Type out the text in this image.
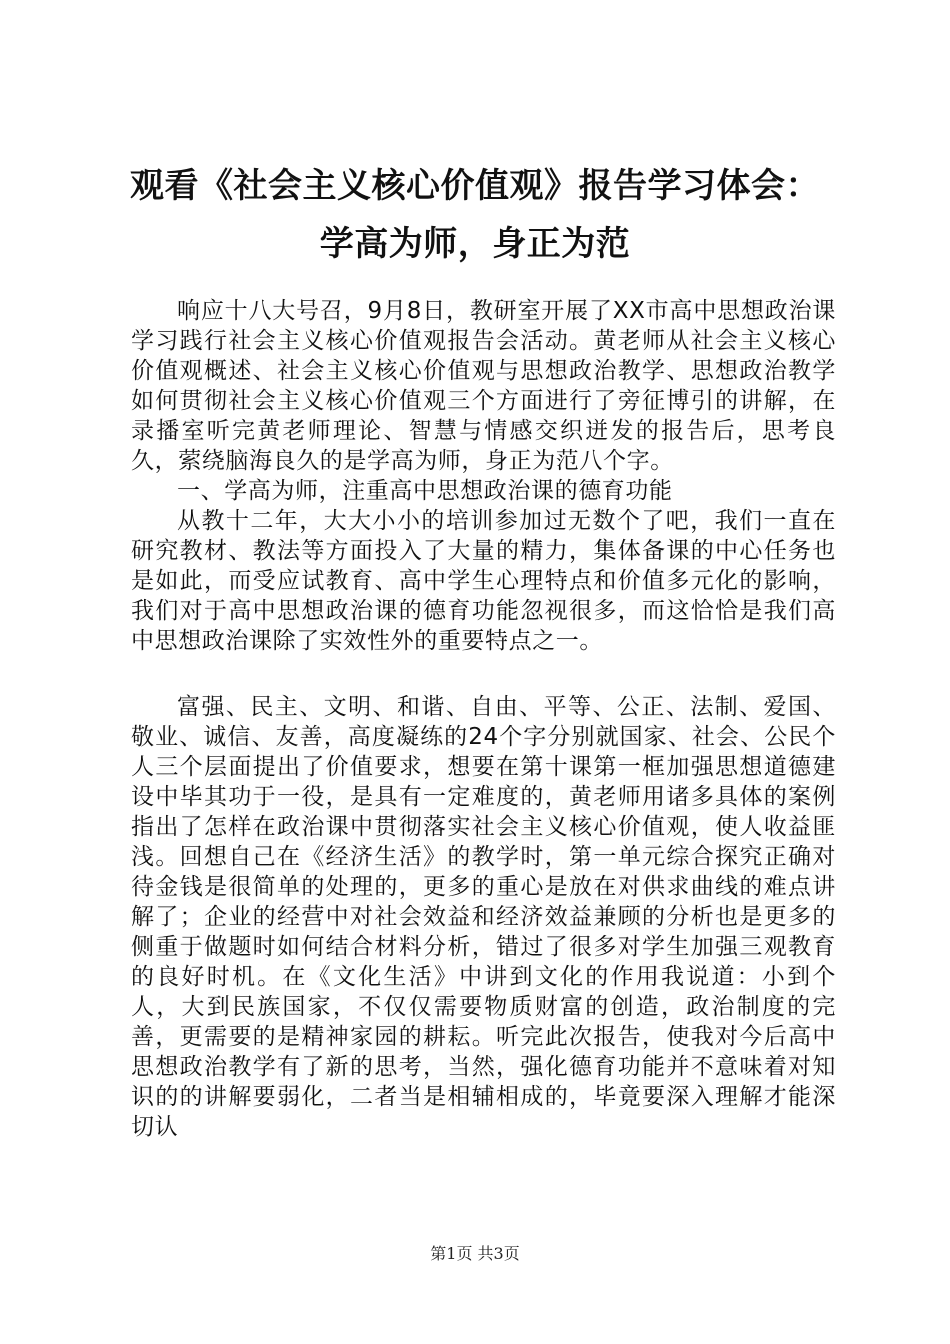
观看《社会主义核心价值观》报告学习体会：
学高为师，身正为范

响应十八大号召，9月8日，教研室开展了XX市高中思想政治课学习践行社会主义核心价值观报告会活动。黄老师从社会主义核心价值观概述、社会主义核心价值观与思想政治教学、思想政治教学如何贯彻社会主义核心价值观三个方面进行了旁征博引的讲解，在录播室听完黄老师理论、智慧与情感交织迸发的报告后，思考良久，萦绕脑海良久的是学高为师，身正为范八个字。

一、学高为师，注重高中思想政治课的德育功能

从教十二年，大大小小的培训参加过无数个了吧，我们一直在研究教材、教法等方面投入了大量的精力，集体备课的中心任务也是如此，而受应试教育、高中学生心理特点和价值多元化的影响，我们对于高中思想政治课的德育功能忽视很多，而这恰恰是我们高中思想政治课除了实效性外的重要特点之一。

富强、民主、文明、和谐、自由、平等、公正、法制、爱国、敬业、诚信、友善，高度凝练的24个字分别就国家、社会、公民个人三个层面提出了价值要求，想要在第十课第一框加强思想道德建设中毕其功于一役，是具有一定难度的，黄老师用诸多具体的案例指出了怎样在政治课中贯彻落实社会主义核心价值观，使人收益匪浅。回想自己在《经济生活》的教学时，第一单元综合探究正确对待金钱是很简单的处理的，更多的重心是放在对供求曲线的难点讲解了；企业的经营中对社会效益和经济效益兼顾的分析也是更多的侧重于做题时如何结合材料分析，错过了很多对学生加强三观教育的良好时机。在《文化生活》中讲到文化的作用我说道：小到个人，大到民族国家，不仅仅需要物质财富的创造，政治制度的完善，更需要的是精神家园的耕耘。听完此次报告，使我对今后高中思想政治教学有了新的思考，当然，强化德育功能并不意味着对知识的的讲解要弱化，二者当是相辅相成的，毕竟要深入理解才能深切认

第1页 共3页
